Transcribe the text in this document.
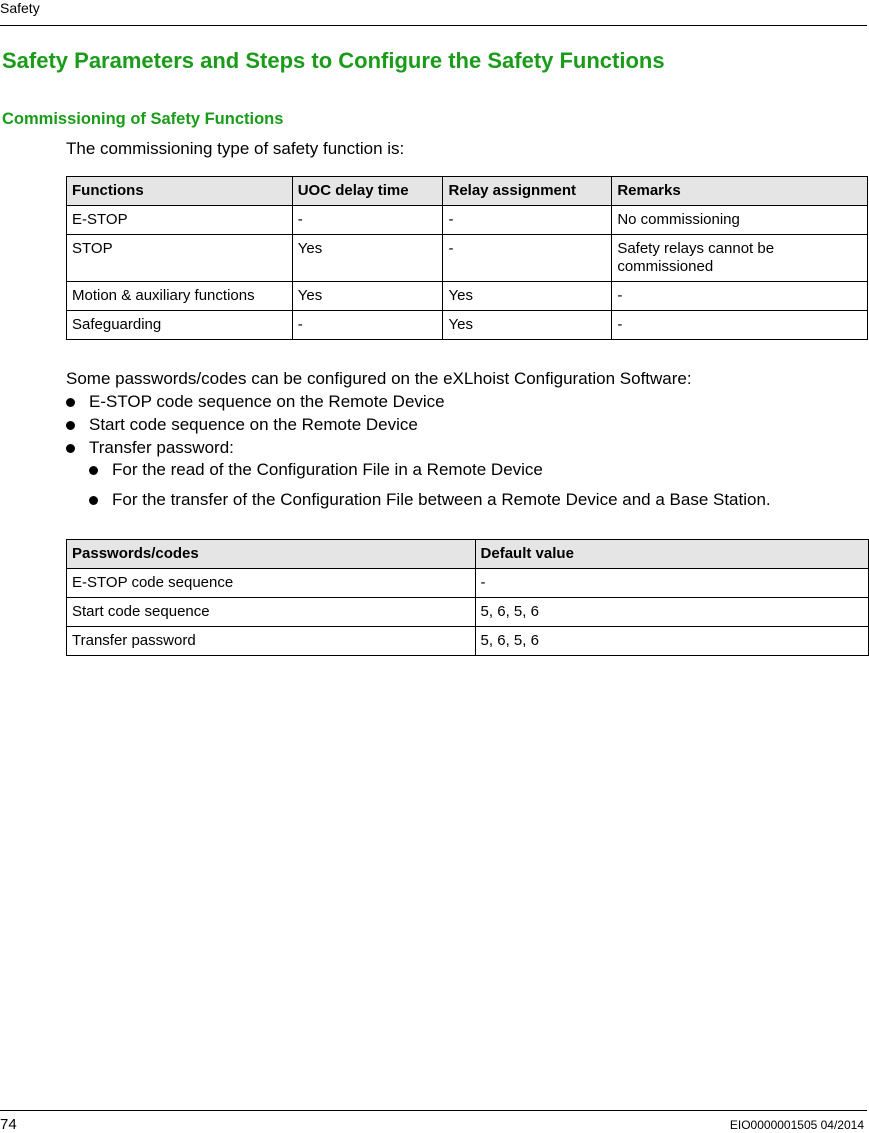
Safety
Safety Parameters and Steps to Configure the Safety Functions
Commissioning of Safety Functions

The commissioning type of safety function is:

Functions	UOC delay time	Relay assignment	Remarks
E-STOP	-	-	No commissioning
STOP	Yes	-	Safety relays cannot be commissioned
Motion & auxiliary functions	Yes	Yes	-
Safeguarding	-	Yes	-

Some passwords/codes can be configured on the eXLhoist Configuration Software:

E-STOP code sequence on the Remote Device
Start code sequence on the Remote Device
Transfer password:
For the read of the Configuration File in a Remote Device
For the transfer of the Configuration File between a Remote Device and a Base Station.
Passwords/codes	Default value
E-STOP code sequence	-
Start code sequence	5, 6, 5, 6
Transfer password	5, 6, 5, 6
74	EIO0000001505 04/2014
